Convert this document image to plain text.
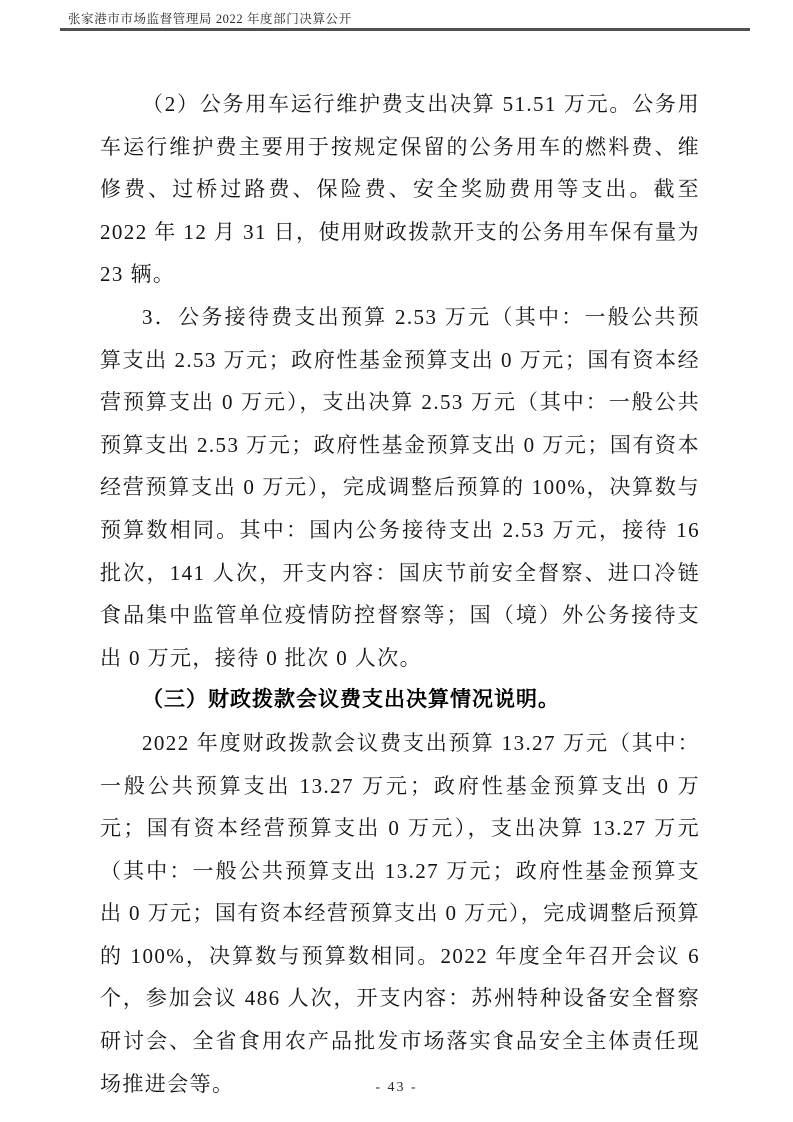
张家港市市场监督管理局 2022 年度部门决算公开

（2）公务用车运行维护费支出决算 51.51 万元。公务用车运行维护费主要用于按规定保留的公务用车的燃料费、维修费、过桥过路费、保险费、安全奖励费用等支出。截至 2022 年 12 月 31 日，使用财政拨款开支的公务用车保有量为 23 辆。

3．公务接待费支出预算 2.53 万元（其中：一般公共预算支出 2.53 万元；政府性基金预算支出 0 万元；国有资本经营预算支出 0 万元），支出决算 2.53 万元（其中：一般公共预算支出 2.53 万元；政府性基金预算支出 0 万元；国有资本经营预算支出 0 万元），完成调整后预算的 100%，决算数与预算数相同。其中：国内公务接待支出 2.53 万元，接待 16 批次，141 人次，开支内容：国庆节前安全督察、进口冷链食品集中监管单位疫情防控督察等；国（境）外公务接待支出 0 万元，接待 0 批次 0 人次。

（三）财政拨款会议费支出决算情况说明。

2022 年度财政拨款会议费支出预算 13.27 万元（其中：一般公共预算支出 13.27 万元；政府性基金预算支出 0 万元；国有资本经营预算支出 0 万元），支出决算 13.27 万元（其中：一般公共预算支出 13.27 万元；政府性基金预算支出 0 万元；国有资本经营预算支出 0 万元），完成调整后预算的 100%，决算数与预算数相同。2022 年度全年召开会议 6 个，参加会议 486 人次，开支内容：苏州特种设备安全督察研讨会、全省食用农产品批发市场落实食品安全主体责任现场推进会等。	- 43 -
